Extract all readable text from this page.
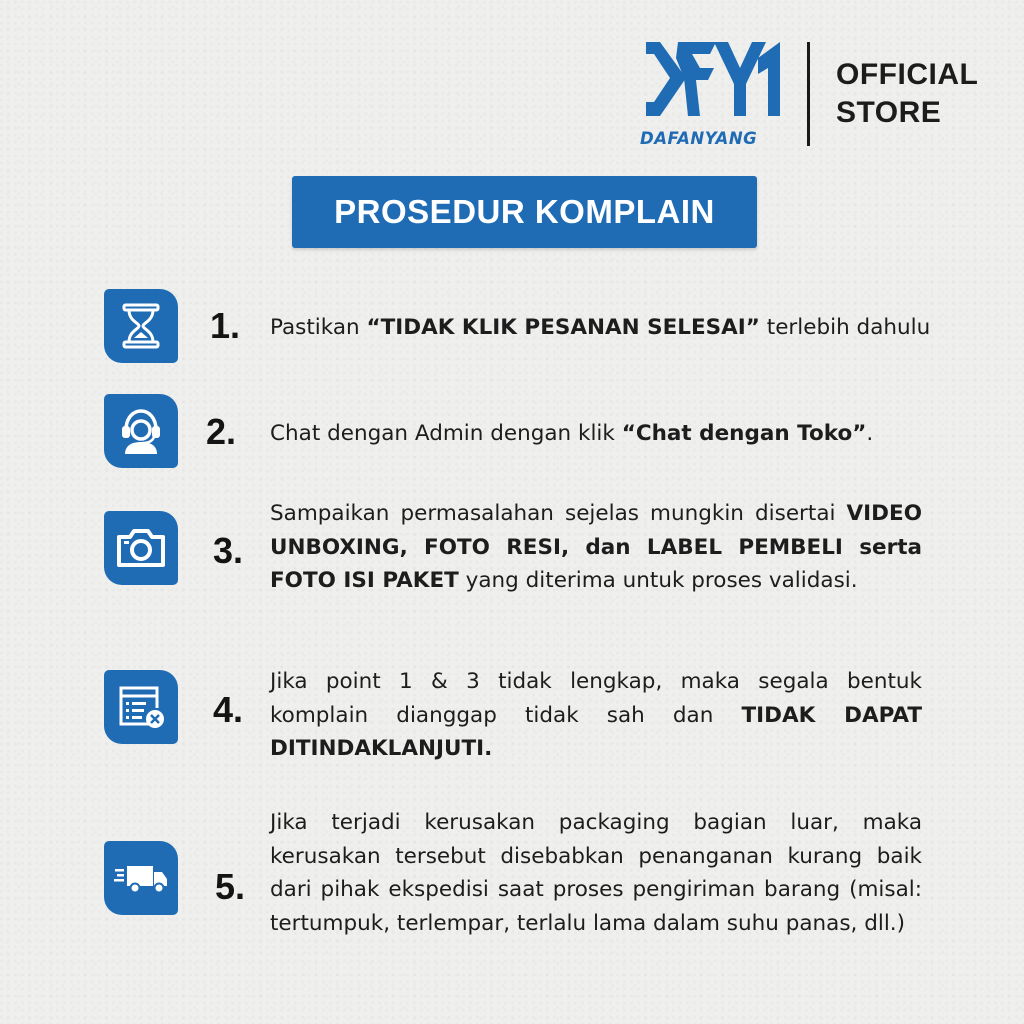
DAFANYANG
OFFICIAL
STORE
PROSEDUR KOMPLAIN
1. Pastikan “TIDAK KLIK PESANAN SELESAI” terlebih dahulu
2. Chat dengan Admin dengan klik “Chat dengan Toko”.
3.
Sampaikan permasalahan sejelas mungkin disertai VIDEO UNBOXING, FOTO RESI, dan LABEL PEMBELI serta FOTO ISI PAKET yang diterima untuk proses validasi.
4.
Jika point 1 & 3 tidak lengkap, maka segala bentuk komplain dianggap tidak sah dan TIDAK DAPAT DITINDAKLANJUTI.
5.
Jika terjadi kerusakan packaging bagian luar, maka kerusakan tersebut disebabkan penanganan kurang baik dari pihak ekspedisi saat proses pengiriman barang (misal: tertumpuk, terlempar, terlalu lama dalam suhu panas, dll.)
